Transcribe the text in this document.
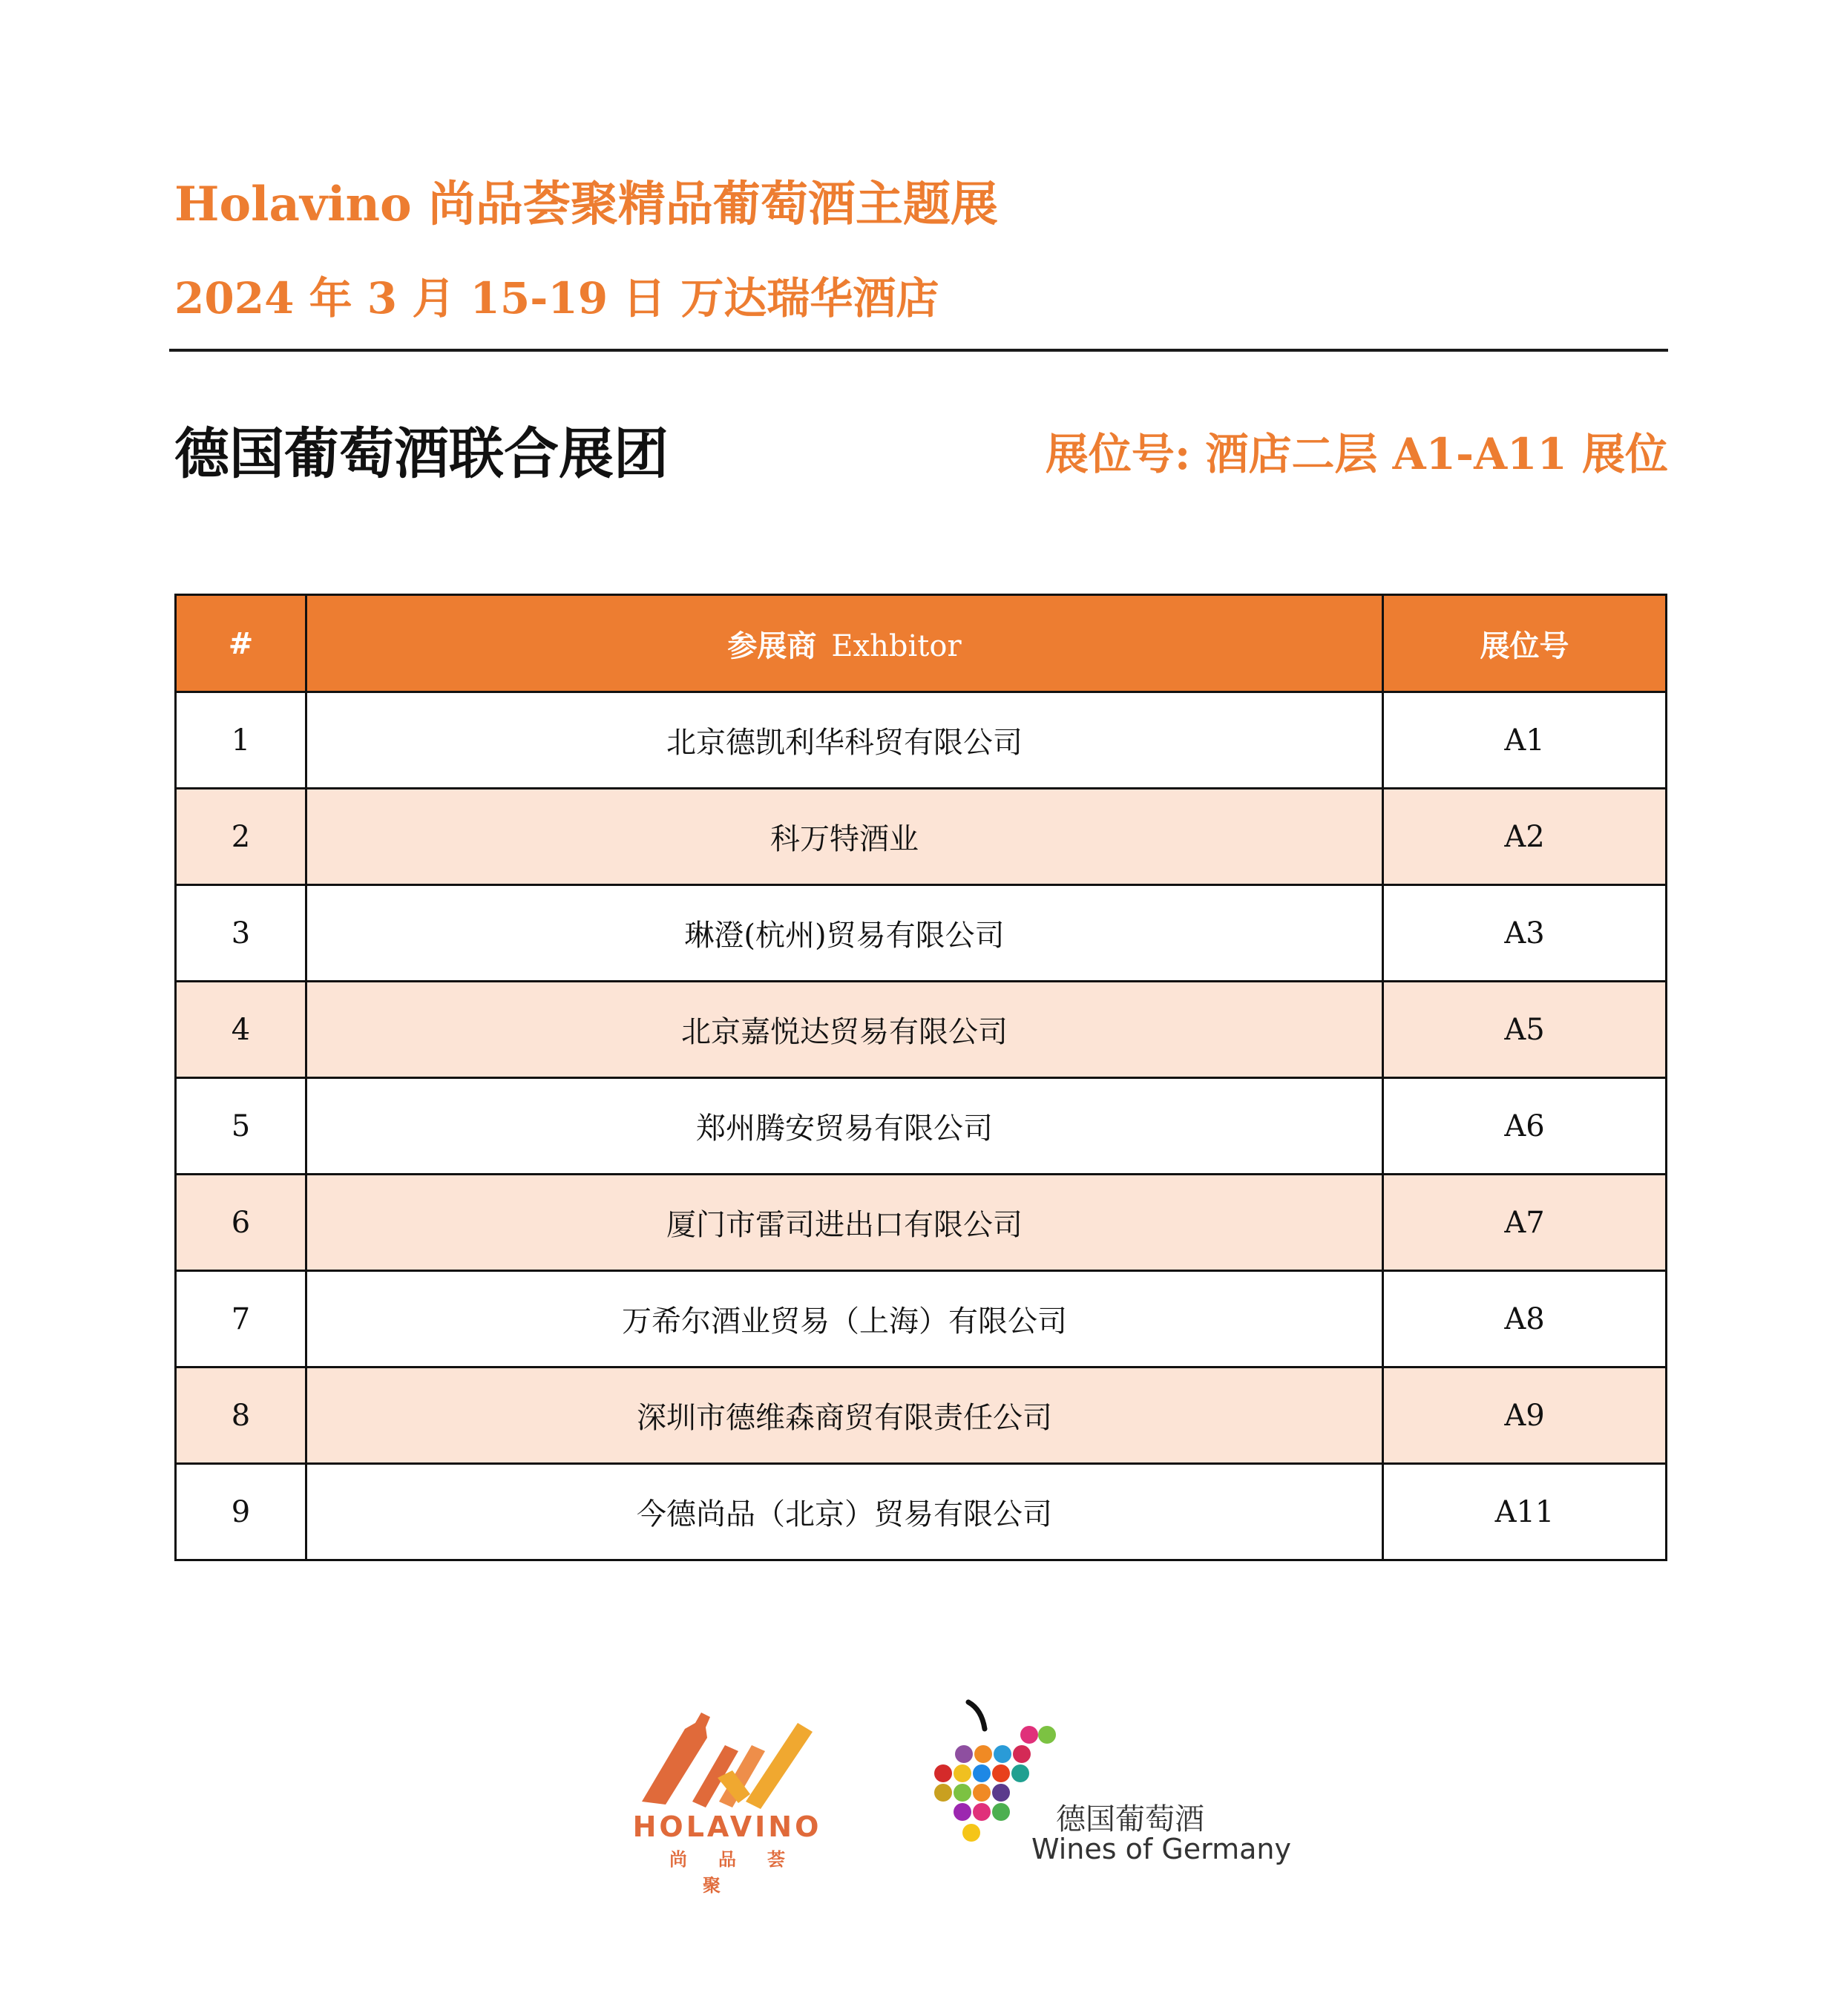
Holavino 尚品荟聚精品葡萄酒主题展
2024 年 3 月 15-19 日 万达瑞华酒店
德国葡萄酒联合展团	展位号: 酒店二层 A1-A11 展位
#	参展商 Exhbitor	展位号
1	北京德凯利华科贸有限公司	A1
2	科万特酒业	A2
3	琳澄(杭州)贸易有限公司	A3
4	北京嘉悦达贸易有限公司	A5
5	郑州腾安贸易有限公司	A6
6	厦门市雷司进出口有限公司	A7
7	万希尔酒业贸易（上海）有限公司	A8
8	深圳市德维森商贸有限责任公司	A9
9	今德尚品（北京）贸易有限公司	A11
HOLAVINO
尚品荟聚
德国葡萄酒
Wines of Germany
